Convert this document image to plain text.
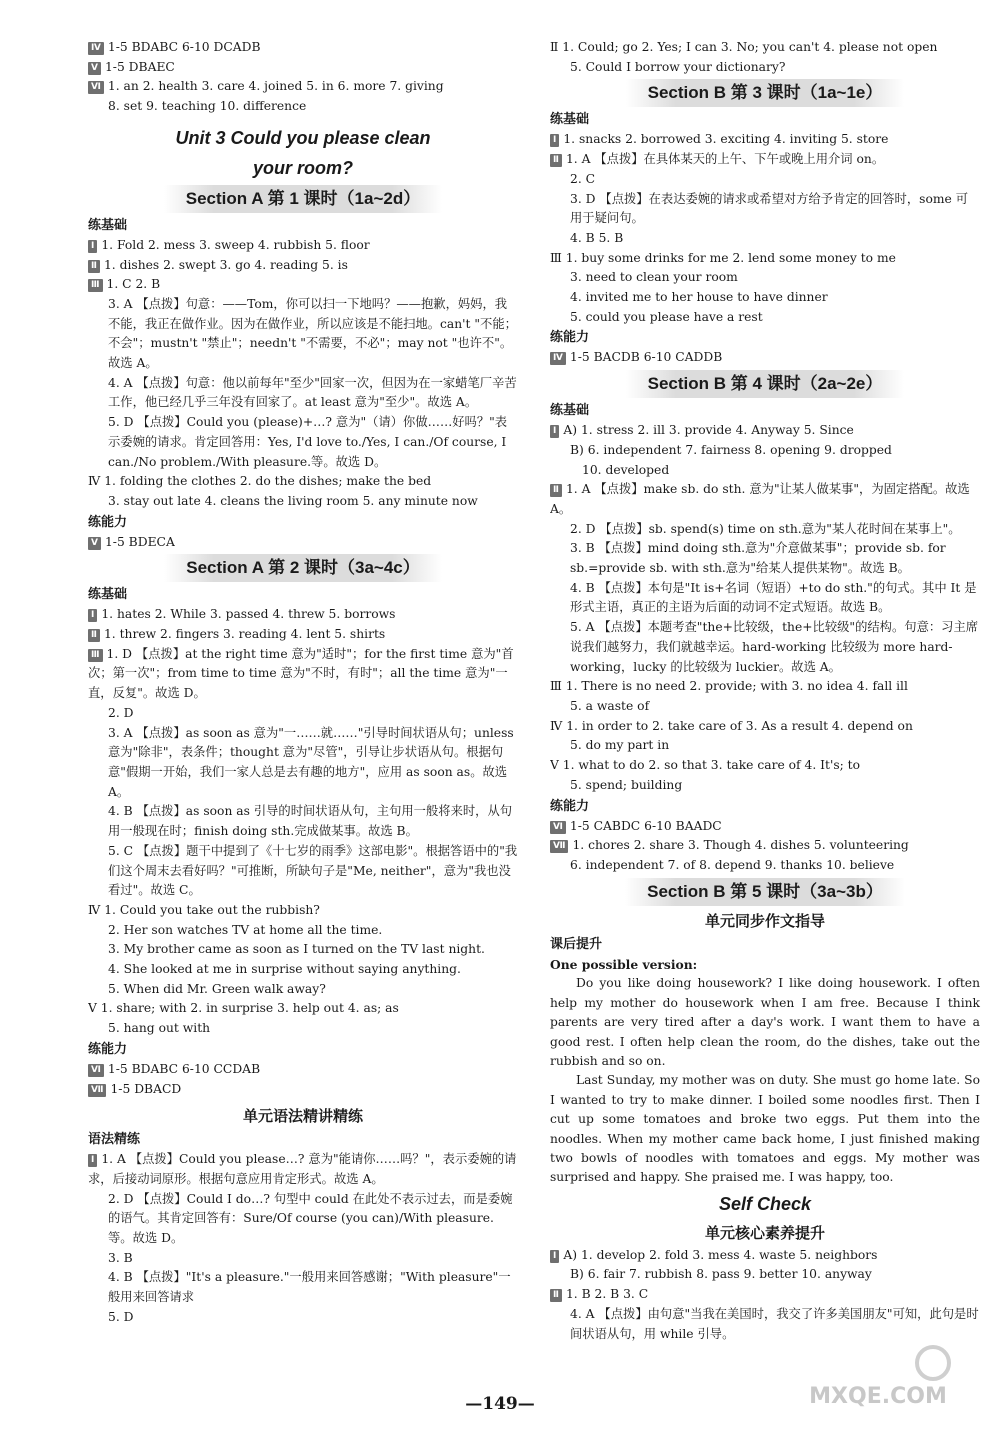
Ⅳ 1-5 BDABC 6-10 DCADB
Ⅴ 1-5 DBAEC
Ⅵ 1. an 2. health 3. care 4. joined 5. in 6. more 7. giving
8. set 9. teaching 10. difference
Unit 3 Could you please clean
your room?
Section A 第 1 课时（1a~2d）
练基础
Ⅰ 1. Fold 2. mess 3. sweep 4. rubbish 5. floor
Ⅱ 1. dishes 2. swept 3. go 4. reading 5. is
Ⅲ 1. C 2. B
3. A 【点拨】句意：——Tom，你可以扫一下地吗？——抱歉，妈妈，我不能，我正在做作业。因为在做作业，所以应该是不能扫地。can't "不能；不会"；mustn't "禁止"；needn't "不需要，不必"；may not "也许不"。故选 A。
4. A 【点拨】句意：他以前每年"至少"回家一次，但因为在一家蜡笔厂辛苦工作，他已经几乎三年没有回家了。at least 意为"至少"。故选 A。
5. D 【点拨】Could you (please)+…? 意为"（请）你做……好吗？"表示委婉的请求。肯定回答用：Yes, I'd love to./Yes, I can./Of course, I can./No problem./With pleasure.等。故选 D。
Ⅳ 1. folding the clothes 2. do the dishes; make the bed
3. stay out late 4. cleans the living room 5. any minute now
练能力
Ⅴ 1-5 BDECA
Section A 第 2 课时（3a~4c）
练基础
Ⅰ 1. hates 2. While 3. passed 4. threw 5. borrows
Ⅱ 1. threw 2. fingers 3. reading 4. lent 5. shirts
Ⅲ 1. D 【点拨】at the right time 意为"适时"；for the first time 意为"首次；第一次"；from time to time 意为"不时，有时"；all the time 意为"一直，反复"。故选 D。
2. D
3. A 【点拨】as soon as 意为"一……就……"引导时间状语从句；unless 意为"除非"，表条件；thought 意为"尽管"，引导让步状语从句。根据句意"假期一开始，我们一家人总是去有趣的地方"，应用 as soon as。故选 A。
4. B 【点拨】as soon as 引导的时间状语从句，主句用一般将来时，从句用一般现在时；finish doing sth.完成做某事。故选 B。
5. C 【点拨】题干中提到了《十七岁的雨季》这部电影"。根据答语中的"我们这个周末去看好吗？"可推断，所缺句子是"Me, neither"，意为"我也没看过"。故选 C。
Ⅳ 1. Could you take out the rubbish?
2. Her son watches TV at home all the time.
3. My brother came as soon as I turned on the TV last night.
4. She looked at me in surprise without saying anything.
5. When did Mr. Green walk away?
Ⅴ 1. share; with 2. in surprise 3. help out 4. as; as
5. hang out with
练能力
Ⅵ 1-5 BDABC 6-10 CCDAB
Ⅶ 1-5 DBACD
单元语法精讲精练
语法精练
Ⅰ 1. A 【点拨】Could you please…? 意为"能请你……吗？"，表示委婉的请求，后接动词原形。根据句意应用肯定形式。故选 A。
2. D 【点拨】Could I do…? 句型中 could 在此处不表示过去，而是委婉的语气。其肯定回答有：Sure/Of course (you can)/With pleasure.等。故选 D。
3. B
4. B 【点拨】"It's a pleasure."一般用来回答感谢；"With pleasure"一般用来回答请求
5. D
Ⅱ 1. Could; go 2. Yes; I can 3. No; you can't 4. please not open
5. Could I borrow your dictionary?
Section B 第 3 课时（1a~1e）
练基础
Ⅰ 1. snacks 2. borrowed 3. exciting 4. inviting 5. store
Ⅱ 1. A 【点拨】在具体某天的上午、下午或晚上用介词 on。
2. C
3. D 【点拨】在表达委婉的请求或希望对方给予肯定的回答时，some 可用于疑问句。
4. B 5. B
Ⅲ 1. buy some drinks for me 2. lend some money to me
3. need to clean your room
4. invited me to her house to have dinner
5. could you please have a rest
练能力
Ⅳ 1-5 BACDB 6-10 CADDB
Section B 第 4 课时（2a~2e）
练基础
Ⅰ A) 1. stress 2. ill 3. provide 4. Anyway 5. Since
B) 6. independent 7. fairness 8. opening 9. dropped
10. developed
Ⅱ 1. A 【点拨】make sb. do sth. 意为"让某人做某事"，为固定搭配。故选 A。
2. D 【点拨】sb. spend(s) time on sth.意为"某人花时间在某事上"。
3. B 【点拨】mind doing sth.意为"介意做某事"；provide sb. for sb.=provide sb. with sth.意为"给某人提供某物"。故选 B。
4. B 【点拨】本句是"It is+名词（短语）+to do sth."的句式。其中 It 是形式主语，真正的主语为后面的动词不定式短语。故选 B。
5. A 【点拨】本题考查"the+比较级，the+比较级"的结构。句意：习主席说我们越努力，我们就越幸运。hard-working 比较级为 more hard-working，lucky 的比较级为 luckier。故选 A。
Ⅲ 1. There is no need 2. provide; with 3. no idea 4. fall ill
5. a waste of
Ⅳ 1. in order to 2. take care of 3. As a result 4. depend on
5. do my part in
Ⅴ 1. what to do 2. so that 3. take care of 4. It's; to
5. spend; building
练能力
Ⅵ 1-5 CABDC 6-10 BAADC
Ⅶ 1. chores 2. share 3. Though 4. dishes 5. volunteering
6. independent 7. of 8. depend 9. thanks 10. believe
Section B 第 5 课时（3a~3b）
单元同步作文指导
课后提升
One possible version:
Do you like doing housework? I like doing housework. I often help my mother do housework when I am free. Because I think parents are very tired after a day's work. I want them to have a good rest. I often help clean the room, do the dishes, take out the rubbish and so on.
Last Sunday, my mother was on duty. She must go home late. So I wanted to try to make dinner. I boiled some noodles first. Then I cut up some tomatoes and broke two eggs. Put them into the noodles. When my mother came back home, I just finished making two bowls of noodles with tomatoes and eggs. My mother was surprised and happy. She praised me. I was happy, too.
Self Check
单元核心素养提升
Ⅰ A) 1. develop 2. fold 3. mess 4. waste 5. neighbors
B) 6. fair 7. rubbish 8. pass 9. better 10. anyway
Ⅱ 1. B 2. B 3. C
4. A 【点拨】由句意"当我在美国时，我交了许多美国朋友"可知，此句是时间状语从句，用 while 引导。
—149—	MXQE.COM
